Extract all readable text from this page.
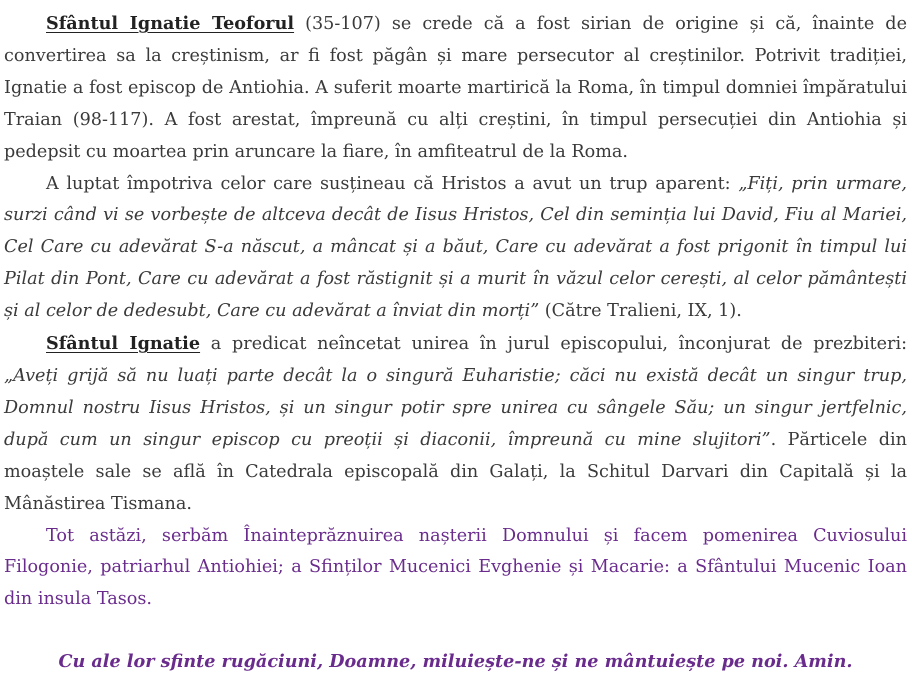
Sfântul Ignatie Teoforul (35-107) se crede că a fost sirian de origine și că, înainte de convertirea sa la creștinism, ar fi fost păgân și mare persecutor al creștinilor. Potrivit tradiției, Ignatie a fost episcop de Antiohia. A suferit moarte martirică la Roma, în timpul domniei împăratului Traian (98-117). A fost arestat, împreună cu alți creștini, în timpul persecuției din Antiohia și pedepsit cu moartea prin aruncare la fiare, în amfiteatrul de la Roma.

A luptat împotriva celor care susțineau că Hristos a avut un trup aparent: „Fiți, prin urmare, surzi când vi se vorbește de altceva decât de Iisus Hristos, Cel din seminția lui David, Fiu al Mariei, Cel Care cu adevărat S-a născut, a mâncat și a băut, Care cu adevărat a fost prigonit în timpul lui Pilat din Pont, Care cu adevărat a fost răstignit și a murit în văzul celor cerești, al celor pământești și al celor de dedesubt, Care cu adevărat a înviat din morți” (Către Tralieni, IX, 1).

Sfântul Ignatie a predicat neîncetat unirea în jurul episcopului, înconjurat de prezbiteri: „Aveți grijă să nu luați parte decât la o singură Euharistie; căci nu există decât un singur trup, Domnul nostru Iisus Hristos, și un singur potir spre unirea cu sângele Său; un singur jertfelnic, după cum un singur episcop cu preoții și diaconii, împreună cu mine slujitori”. Părticele din moaștele sale se află în Catedrala episcopală din Galați, la Schitul Darvari din Capitală și la Mânăstirea Tismana.

Tot astăzi, serbăm Înainteprăznuirea nașterii Domnului și facem pomenirea Cuviosului Filogonie, patriarhul Antiohiei; a Sfinților Mucenici Evghenie și Macarie: a Sfântului Mucenic Ioan din insula Tasos.

Cu ale lor sfinte rugăciuni, Doamne, miluiește-ne și ne mântuiește pe noi. Amin.
